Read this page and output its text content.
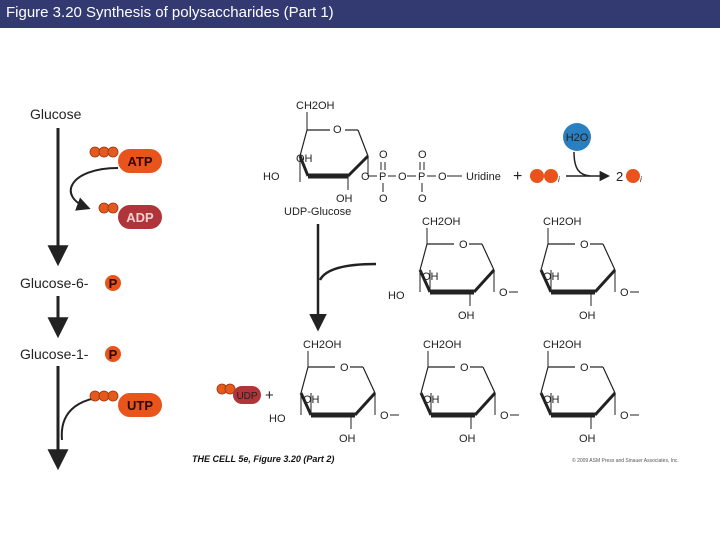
Figure 3.20 Synthesis of polysaccharides (Part 1)
Glucose
ATP
ADP
Glucose-6- P
Glucose-1- P
UTP
CH2OH
O
OH
HO
OH
O P
O
O
O P
O
O
O Uridine
UDP-Glucose
+	i
H2O
2 i
CH2OH
O
OH
OH
HO	O
CH2OH
O
OH
OH
O
CH2OH
O
OH
OH
HO	O
CH2OH
O
OH
OH
O
CH2OH
O
OH
OH
O
UDP +
THE CELL 5e, Figure 3.20 (Part 2)	© 2009 ASM Press and Sinauer Associates, Inc.
